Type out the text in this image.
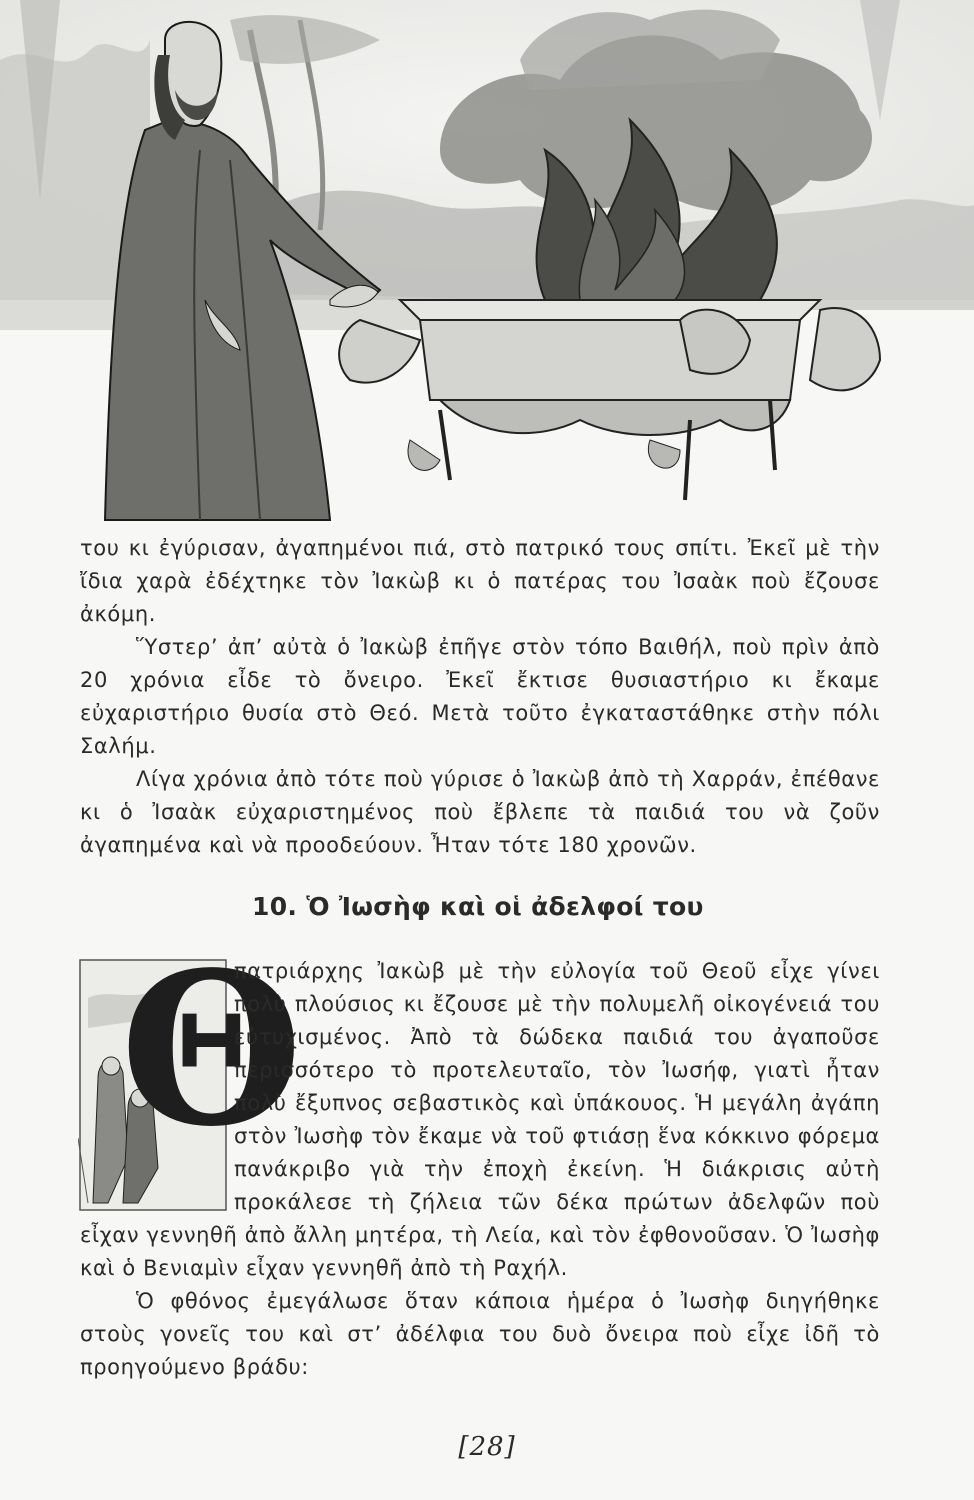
του κι ἐγύρισαν, ἀγαπημένοι πιά, στὸ πατρικό τους σπίτι. Ἐκεῖ μὲ τὴν ἴδια χαρὰ ἐδέχτηκε τὸν Ἰακὼβ κι ὁ πατέρας του Ἰσαὰκ ποὺ ἔζουσε ἀκόμη.

Ὕστερ’ ἀπ’ αὐτὰ ὁ Ἰακὼβ ἐπῆγε στὸν τόπο Βαιθήλ, ποὺ πρὶν ἀπὸ 20 χρόνια εἶδε τὸ ὄνειρο. Ἐκεῖ ἔκτισε θυσιαστήριο κι ἔκαμε εὐχαριστήριο θυσία στὸ Θεό. Μετὰ τοῦτο ἐγκαταστάθηκε στὴν πόλι Σαλήμ.

Λίγα χρόνια ἀπὸ τότε ποὺ γύρισε ὁ Ἰακὼβ ἀπὸ τὴ Χαρράν, ἐπέθανε κι ὁ Ἰσαὰκ εὐχαριστημένος ποὺ ἔβλεπε τὰ παιδιά του νὰ ζοῦν ἀγαπημένα καὶ νὰ προοδεύουν. Ἦταν τότε 180 χρονῶν.

10. Ὁ Ἰωσὴφ καὶ οἱ ἀδελφοί του
Θ

πατριάρχης Ἰακὼβ μὲ τὴν εὐλογία τοῦ Θεοῦ εἶχε γίνει πολὺ πλούσιος κι ἔζουσε μὲ τὴν πολυμελῆ οἰκογένειά του εὐτυχισμένος. Ἀπὸ τὰ δώδεκα παιδιά του ἀγαποῦσε περισσότερο τὸ προτελευταῖο, τὸν Ἰωσήφ, γιατὶ ἦταν πολὺ ἔξυπνος σεβαστικὸς καὶ ὑπάκουος. Ἡ μεγάλη ἀγάπη στὸν Ἰωσὴφ τὸν ἔκαμε νὰ τοῦ φτιάσῃ ἕνα κόκκινο φόρεμα πανάκριβο γιὰ τὴν ἐποχὴ ἐκείνη. Ἡ διάκρισις αὐτὴ προκάλεσε τὴ ζήλεια τῶν δέκα πρώτων ἀδελφῶν ποὺ εἶχαν γεννηθῆ ἀπὸ ἄλλη μητέρα, τὴ Λεία, καὶ τὸν ἐφθονοῦσαν. Ὁ Ἰωσὴφ καὶ ὁ Βενιαμὶν εἶχαν γεννηθῆ ἀπὸ τὴ Ραχήλ.

Ὁ φθόνος ἐμεγάλωσε ὅταν κάποια ἡμέρα ὁ Ἰωσὴφ διηγήθηκε στοὺς γονεῖς του καὶ στ’ ἀδέλφια του δυὸ ὄνειρα ποὺ εἶχε ἰδῆ τὸ προηγούμενο βράδυ:

[28]
